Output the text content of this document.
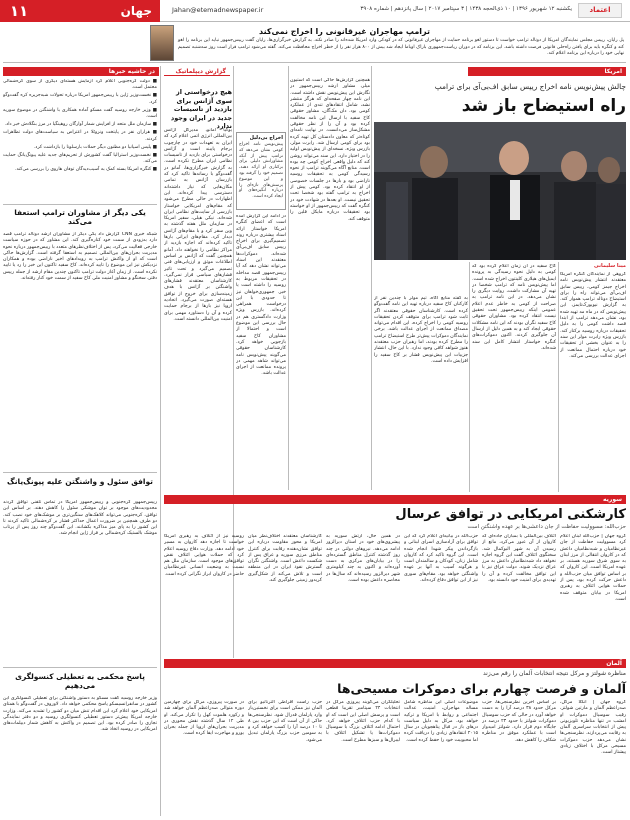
۱۱	جهان	Jahan@etemadnewspaper.ir	یکشنبه ۱۲ شهریور ۱۳۹۶ | ۱۰ ذی‌الحجه ۱۴۳۸ | ۳ سپتامبر ۲۰۱۷ | سال پانزدهم | شماره ۳۹۰۸	اعتماد
ترامپ مهاجران غیرقانونی را اخراج نمی‌کند
پل رایان، رییس مجلس نمایندگان امریکا از دونالد ترامپ خواست تا دستور لغو برنامه حمایت از مهاجران غیرقانونی که در کودکی وارد امریکا شده‌اند را صادر نکند. به گزارش خبرگزاری‌ها، رایان گفت رییس‌جمهور نباید این برنامه را لغو کند و کنگره باید برای یافتن راه‌حلی قانونی فرصت داشته باشد. این برنامه که در دوران ریاست‌جمهوری باراک اوباما ایجاد شد بیش از ۸۰۰ هزار نفر را از خطر اخراج محافظت می‌کند. گفته می‌شود ترامپ قرار است روز سه‌شنبه تصمیم نهایی خود را درباره این برنامه اعلام کند.
در حاشیه خبرها
■ دولت کره‌جنوبی اعلام کرد آزمایش هسته‌ای دیگری از سوی کره‌شمالی محتمل است.
■ نخست‌وزیر ژاپن با رییس‌جمهور امریکا درباره تحولات شبه‌جزیره کره گفت‌وگو کرد.
■ وزیر خارجه روسیه گفت مسکو آماده همکاری با واشنگتن در موضوع سوریه است.
■ سازمان ملل متحد از افزایش شمار آوارگان روهینگیا در مرز بنگلادش خبر داد.
■ هزاران نفر در پایتخت ونزوئلا در اعتراض به سیاست‌های دولت تظاهرات کردند.
■ پلیس اسپانیا دو مظنون دیگر حملات بارسلونا را بازداشت کرد.
■ نخست‌وزیر استرالیا گفت کشورش از تحریم‌های جدید علیه پیونگ‌یانگ حمایت می‌کند.
■ کنگره امریکا بسته کمک به آسیب‌دیدگان توفان هاروی را بررسی می‌کند.
یکی دیگر از مشاوران ترامپ استعفا می‌کند
شبکه خبری CNN گزارش داد یکی دیگر از مشاوران ارشد دونالد ترامپ قصد دارد به‌زودی از سمت خود کناره‌گیری کند. این مشاور که در حوزه سیاست خارجی فعالیت می‌کرد، پس از اختلاف‌نظرهای متعدد با رییس‌جمهور درباره نحوه مدیریت بحران‌های بین‌المللی تصمیم به استعفا گرفته است. گزارش‌ها حاکی است که او از واکنش ترامپ به رویدادهای اخیر ناراضی بوده و همکاران نزدیکش نیز این موضوع را تایید کرده‌اند. کاخ سفید تاکنون این خبر را رد یا تایید نکرده است. از زمان آغاز دولت ترامپ تاکنون چندین مقام ارشد از جمله رییس دفتر، سخنگو و مشاور امنیت ملی کاخ سفید از سمت خود کنار رفته‌اند.
توافق سئول و واشنگتن علیه پیونگ‌یانگ
رییس‌جمهور کره‌جنوبی و رییس‌جمهور امریکا در تماس تلفنی توافق کردند محدودیت‌های موجود بر توان موشکی سئول را کاهش دهند. بر اساس این توافق، کره‌جنوبی می‌تواند کلاهک‌های سنگین‌تری بر موشک‌های خود نصب کند. دو طرف همچنین بر ضرورت اعمال حداکثر فشار بر کره‌شمالی تاکید کردند تا این کشور را به پای میز مذاکره بکشانند. این گفت‌وگو چند روز پس از پرتاب موشک بالستیک کره‌شمالی بر فراز ژاپن انجام شد.
پاسخ محکمی به تعطیلی کنسولگری می‌دهیم
وزیر خارجه روسیه گفت مسکو به دستور واشنگتن برای تعطیلی کنسولگری این کشور در سانفرانسیسکو پاسخ محکمی خواهد داد. لاوروف در گفت‌وگو با همتای امریکایی خود اعلام کرد این اقدام تنش میان دو کشور را تشدید می‌کند. وزارت خارجه امریکا پیش‌تر دستور تعطیلی کنسولگری روسیه و دو دفتر نمایندگی تجاری را صادر کرده بود. این تصمیم در واکنش به کاهش شمار دیپلمات‌های امریکایی در روسیه اتخاذ شد.
گزارش دیپلماتیک
هیچ درخواستی از سوی آژانس برای بازدید از تاسیسات جدید در ایران وجود ندارد
یوکیا آمانو، مدیرکل آژانس بین‌المللی انرژی اتمی اعلام کرد که ایران به تعهدات خود در چارچوب برجام پایبند است و آژانس درخواستی برای بازدید از تاسیسات نظامی ایران مطرح نکرده است. به گزارش خبرگزاری‌ها، آمانو در گفت‌وگو با رسانه‌ها تاکید کرد که بازرسان آژانس به تمامی مکان‌هایی که نیاز داشته‌اند دسترسی پیدا کرده‌اند. این اظهارات در حالی مطرح می‌شود که مقام‌های امریکایی خواستار بازرسی از سایت‌های نظامی ایران شده‌اند. نیکی هیلی، سفیر امریکا در سازمان ملل هفته گذشته به وین سفر کرد و با مقام‌های آژانس دیدار کرد. مقام‌های ایرانی بارها تاکید کرده‌اند که اجازه بازدید از مراکز نظامی را نخواهند داد. آمانو همچنین گفت که آژانس بر اساس اطلاعات موثق و ارزیابی‌های فنی تصمیم می‌گیرد و تحت تاثیر فشارهای سیاسی قرار نمی‌گیرد. کارشناسان معتقدند فشارهای واشنگتن بر آژانس با هدف زمینه‌سازی برای خروج از توافق هسته‌ای صورت می‌گیرد. اتحادیه اروپا نیز بارها از برجام حمایت کرده و آن را دستاورد مهمی برای امنیت بین‌المللی دانسته است.
اخراج بی‌دلیل
پیش‌نویس نامه اخراج کومی نشان می‌دهد که ترامپ پیش از آنکه مشاورانش دلیلی برای برکناری او ارائه دهند، تصمیم خود را گرفته بود و این موضوع پرسش‌های تازه‌ای را درباره انگیزه‌های او ایجاد کرده است.
در ادامه این گزارش آمده است که اعضای کنگره امریکا خواستار ارائه اسناد بیشتری درباره روند تصمیم‌گیری برای اخراج رییس سابق اف‌بی‌آی شده‌اند. دموکرات‌ها معتقدند این اسناد می‌تواند نشان دهد که آیا رییس‌جمهور قصد مداخله در تحقیقات مربوط به روسیه را داشته است یا خیر. جمهوری‌خواهان نیز تا حدودی با این درخواست همراهی کرده‌اند. بازرس ویژه وزارت دادگستری هم در حال بررسی این موضوع است و احتمالا از مشاوران کاخ سفید بازجویی خواهد کرد. کارشناسان حقوقی می‌گویند پیش‌نویس نامه می‌تواند شاهد مهمی در پرونده ممانعت از اجرای عدالت باشد.
همچنین گزارش‌ها حاکی است که استیون میلر، مشاور ارشد رییس‌جمهور در نگارش این پیش‌نویس نقش داشته است. این نامه چهار صفحه‌ای که هرگز منتشر نشد، شامل انتقادهای تندی از عملکرد کومی بود. دان مک‌گان، مشاور حقوقی کاخ سفید با ارسال این نامه مخالفت کرده بود و آن را از نظر حقوقی مشکل‌ساز می‌دانست. در نهایت نامه‌ای کوتاه‌تر که معاون دادستان کل تهیه کرده بود برای کومی ارسال شد. رابرت مولر، بازرس ویژه، نسخه‌ای از پیش‌نویس اولیه را در اختیار دارد. این سند می‌تواند روشن کند که دلیل واقعی اخراج کومی چه بوده است. منابع آگاه می‌گویند ترامپ از نحوه رسیدگی کومی به تحقیقات روسیه ناراضی بود و بارها در جلسات خصوصی از او انتقاد کرده بود. کومی پیش از اخراج به ترامپ گفته بود شخصا تحت تحقیق نیست. او بعدها در شهادت خود در کنگره گفت که رییس‌جمهور از او خواسته بود تحقیقات درباره مایکل فلین را متوقف کند.
امریکا
چالش پیش‌نویس نامه اخراج رییس سابق اف‌بی‌آی برای ترامپ
راه استیضاح باز شد
مینا سلیمانی
گروهی از نمایندگان کنگره امریکا معتقدند انتشار پیش‌نویس نامه اخراج جیمز کومی، رییس سابق اف‌بی‌آی می‌تواند راه را برای استیضاح دونالد ترامپ هموار کند. به گزارش نیویورک‌تایمز، این پیش‌نویس که در ماه مه تهیه شده بود، نشان می‌دهد ترامپ از ابتدا قصد داشت کومی را به دلیل تحقیقات درباره روسیه برکنار کند. بازرس ویژه رابرت مولر این سند را به عنوان بخشی از تحقیقات خود درباره احتمال ممانعت از اجرای عدالت بررسی می‌کند.
کاخ سفید در آن زمان اعلام کرده بود که کومی به دلیل نحوه رسیدگی به پرونده ایمیل‌های هیلاری کلینتون اخراج شده است. اما پیش‌نویس نامه که ترامپ شخصا در تهیه آن مشارکت داشت، روایت دیگری را نشان می‌دهد. در این نامه ترامپ به صراحت از کومی به خاطر عدم اعلام عمومی اینکه رییس‌جمهور تحت تحقیق نیست انتقاد کرده بود. مشاوران حقوقی کاخ سفید نگران بودند که این نامه مشکلات حقوقی ایجاد کند و به همین دلیل از ارسال آن جلوگیری کردند. اکنون دموکرات‌های کنگره خواستار انتشار کامل این سند شده‌اند.
به گفته منابع آگاه، تیم مولر با چندین نفر از کارکنان کاخ سفید درباره تهیه این نامه گفت‌وگو کرده است. کارشناسان حقوقی معتقدند اگر ثابت شود ترامپ برای متوقف کردن تحقیقات روسیه کومی را اخراج کرده، این اقدام می‌تواند مصداق ممانعت از اجرای عدالت باشد. برخی نمایندگان دموکرات پیش‌تر طرح استیضاح ترامپ را مطرح کرده بودند، اما رهبران حزب معتقدند هنوز شواهد کافی وجود ندارد. با این حال، انتشار جزییات این پیش‌نویس فشار بر کاخ سفید را افزایش داده است.
سوریه
کارشکنی امریکایی در توافق عرسال
حزب‌الله: مسوولیت حفاظت از جان داعشی‌ها بر عهده واشنگتن است
گروه جهان | حزب‌الله لبنان اعلام کرد مسوولیت حفاظت از جان غیرنظامیان و شبه‌نظامیان داعش که در کاروان انتقالی از مرز لبنان به سوی شرق سوریه هستند، بر عهده امریکا است. این کاروان که بر اساس توافق میان حزب‌الله و داعش حرکت کرده بود، پس از حملات هوایی ائتلاف به رهبری امریکا در بیابان متوقف شده است.
ائتلاف بین‌المللی با بمباران جاده‌ای که کاروان از آن عبور می‌کرد، مانع از رسیدن آن به شهر البوکمال شد. سخنگوی ائتلاف گفت این گروه اجازه نخواهد داد شبه‌نظامیان داعش به مرز عراق نزدیک شوند. دولت عراق نیز با این توافق مخالفت کرده و آن را تهدیدی برای امنیت خود دانسته بود.
حزب‌الله در بیانیه‌ای اعلام کرد که این توافق برای آزادسازی اسرای لبنانی و بازگرداندن پیکر شهدا انجام شده است. این گروه تاکید کرد که کاروان شامل زنان، کودکان و سالمندان است و هرگونه آسیب به آنها بر عهده واشنگتن خواهد بود. مقام‌های سوری نیز از این توافق دفاع کرده‌اند.
در همین حال، ارتش سوریه به پیشروی‌های خود در استان دیرالزور ادامه می‌دهد. نیروهای دولتی در چند روز گذشته کنترل مناطق گسترده‌ای را در بیابان‌های مرکزی به دست آورده‌اند و اکنون به چند کیلومتری شهر دیرالزور رسیده‌اند که سال‌ها در محاصره داعش بوده است.
کارشناسان معتقدند اختلاف‌نظر میان امریکا و محور مقاومت درباره این توافق نشان‌دهنده رقابت برای کنترل مناطق مرزی سوریه و عراق پس از شکست داعش است. واشنگتن نگران گسترش نفوذ ایران در این منطقه است و تلاش می‌کند از شکل‌گیری کریدور زمینی جلوگیری کند.
روسیه نیز از ائتلاف به رهبری امریکا خواست تا اجازه دهد کاروان به مسیر خود ادامه دهد. وزارت دفاع روسیه اعلام کرد که حملات هوایی ائتلاف نقض توافق‌های موجود است. سازمان ملل هم نسبت به وضعیت انسانی غیرنظامیان حاضر در کاروان ابراز نگرانی کرده است.
آلمان
مناظره شولتز و مرکل نتیجه انتخابات آلمان را رقم می‌زند
آلمان و فرصت چهارم برای دموکرات مسیحی‌ها
گروه جهان | آنگلا مرکل، صدراعظم آلمان و مارتین شولتز، رقیب سوسیال دموکرات او امشب در تنها مناظره تلویزیونی پیش از انتخابات سراسری آلمان به رقابت می‌پردازند. نظرسنجی‌ها نشان می‌دهد حزب دموکرات مسیحی مرکل با اختلاف زیادی پیشتاز است.
بر اساس آخرین نظرسنجی‌ها، حزب مرکل حدود ۳۸ درصد آرا را به دست خواهد آورد در حالی که حزب سوسیال دموکرات شولتز با حدود ۲۳ درصد در جایگاه دوم قرار دارد. شولتز امیدوار است با عملکرد موفق در مناظره شکاف را کاهش دهد.
موضوعات اصلی این مناظره شامل مساله مهاجران، امنیت، عدالت اجتماعی و روابط با امریکا و ترکیه خواهد بود. مرکل به دلیل سیاست درهای باز در قبال پناهجویان در سال ۲۰۱۵ انتقادهای زیادی را دریافت کرده اما محبوبیت خود را حفظ کرده است.
تحلیلگران می‌گویند پیروزی مرکل در انتخابات ۲۴ سپتامبر تقریبا قطعی است و پرسش اصلی این است که او با کدام حزب ائتلاف خواهد کرد. احتمال ادامه ائتلاف بزرگ با سوسیال دموکرات‌ها یا تشکیل ائتلاف با لیبرال‌ها و سبزها مطرح است.
حزب راست افراطی آلترناتیو برای آلمان نیز ممکن است برای نخستین‌بار وارد پارلمان فدرال شود. نظرسنجی‌ها حاکی از آن است که این حزب بین ۸ تا ۱۰ درصد آرا را کسب خواهد کرد و به سومین حزب بزرگ پارلمان تبدیل می‌شود.
در صورت پیروزی، مرکل برای چهارمین دوره متوالی صدراعظم آلمان خواهد شد و رکورد هلموت کهل را تکرار می‌کند. او طی ۱۲ سال گذشته نقش محوری در مدیریت بحران‌های اروپا از جمله بحران یورو و مهاجرت ایفا کرده است.
